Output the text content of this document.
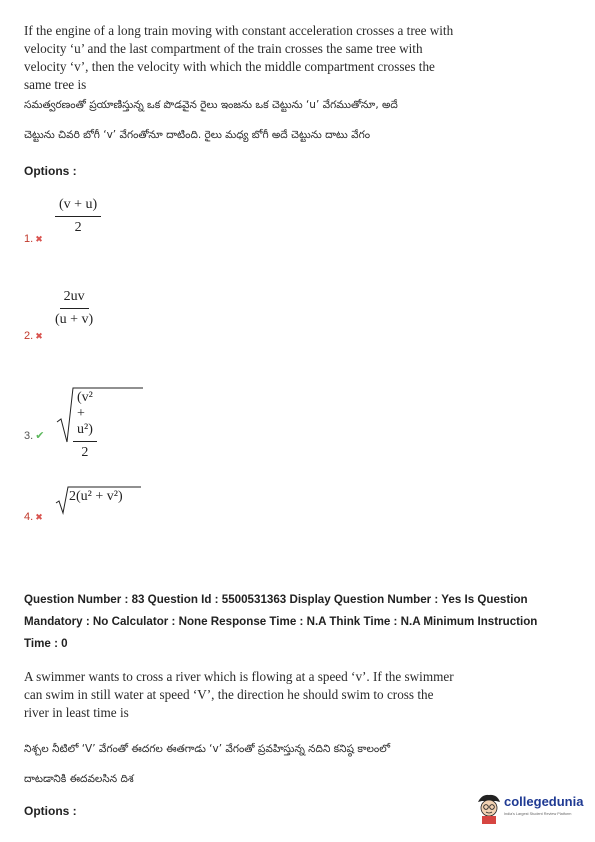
If the engine of a long train moving with constant acceleration crosses a tree with velocity ‘u’ and the last compartment of the train crosses the same tree with velocity ‘v’, then the velocity with which the middle compartment crosses the same tree is
సమత్వరణంతో ప్రయాణిస్తున్న ఒక పొడవైన రైలు ఇంజను ఒక చెట్టును ‘u’ వేగముతోనూ, అదే
చెట్టును చివరి బోగీ ‘v’ వేగంతోనూ దాటింది. రైలు మధ్య బోగీ అదే చెట్టును దాటు వేగం
Options :
$\frac{(v + u)}{2}$
1. ✖
$\frac{2uv}{(u + v)}$
2. ✖
$\frac{\text{(v² + u²)}}{2}$
3. ✔
2(u² + v²)
4. ✖
Question Number : 83 Question Id : 5500531363 Display Question Number : Yes Is Question
Mandatory : No Calculator : None Response Time : N.A Think Time : N.A Minimum Instruction
Time : 0
A swimmer wants to cross a river which is flowing at a speed ‘v’. If the swimmer can swim in still water at speed ‘V’, the direction he should swim to cross the river in least time is
నిశ్చల నీటిలో ‘V’ వేగంతో ఈదగల ఈతగాడు ‘v’ వేగంతో ప్రవహిస్తున్న నదిని కనిష్ఠ కాలంలో
దాటడానికి ఈదవలసిన దిశ
Options :
collegedunia
India's Largest Student Review Platform
